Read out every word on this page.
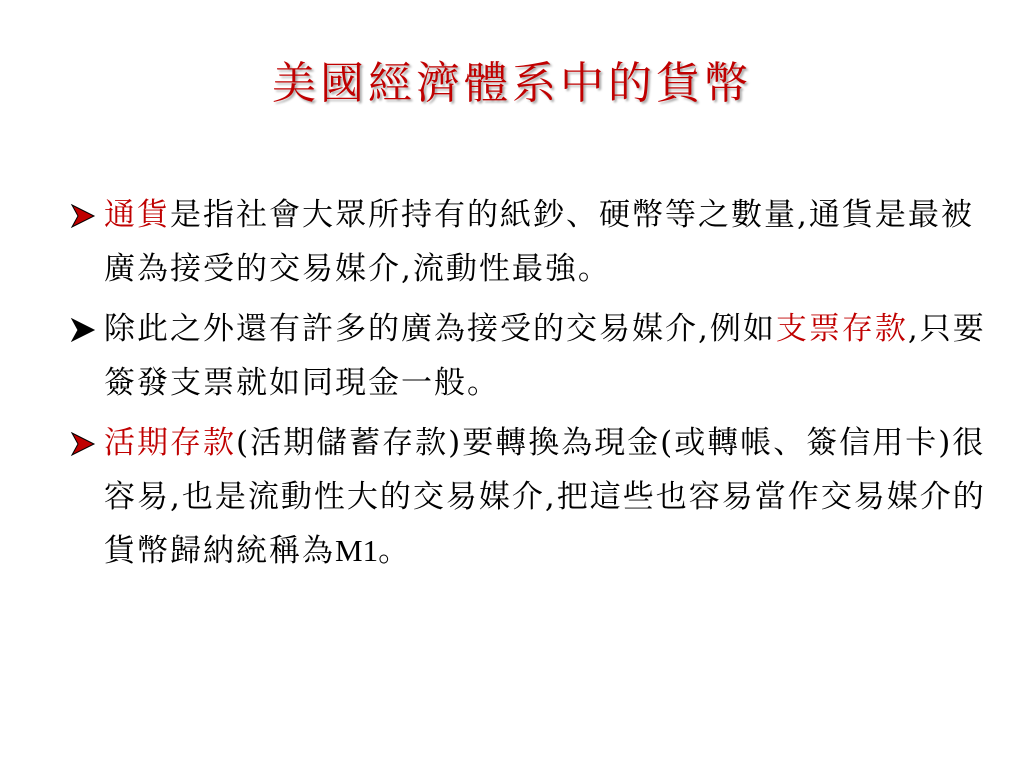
美國經濟體系中的貨幣
通貨是指社會大眾所持有的紙鈔、硬幣等之數量,通貨是最被廣為接受的交易媒介,流動性最強。
除此之外還有許多的廣為接受的交易媒介,例如支票存款,只要簽發支票就如同現金一般。
活期存款(活期儲蓄存款)要轉換為現金(或轉帳、簽信用卡)很容易,也是流動性大的交易媒介,把這些也容易當作交易媒介的貨幣歸納統稱為M1。
